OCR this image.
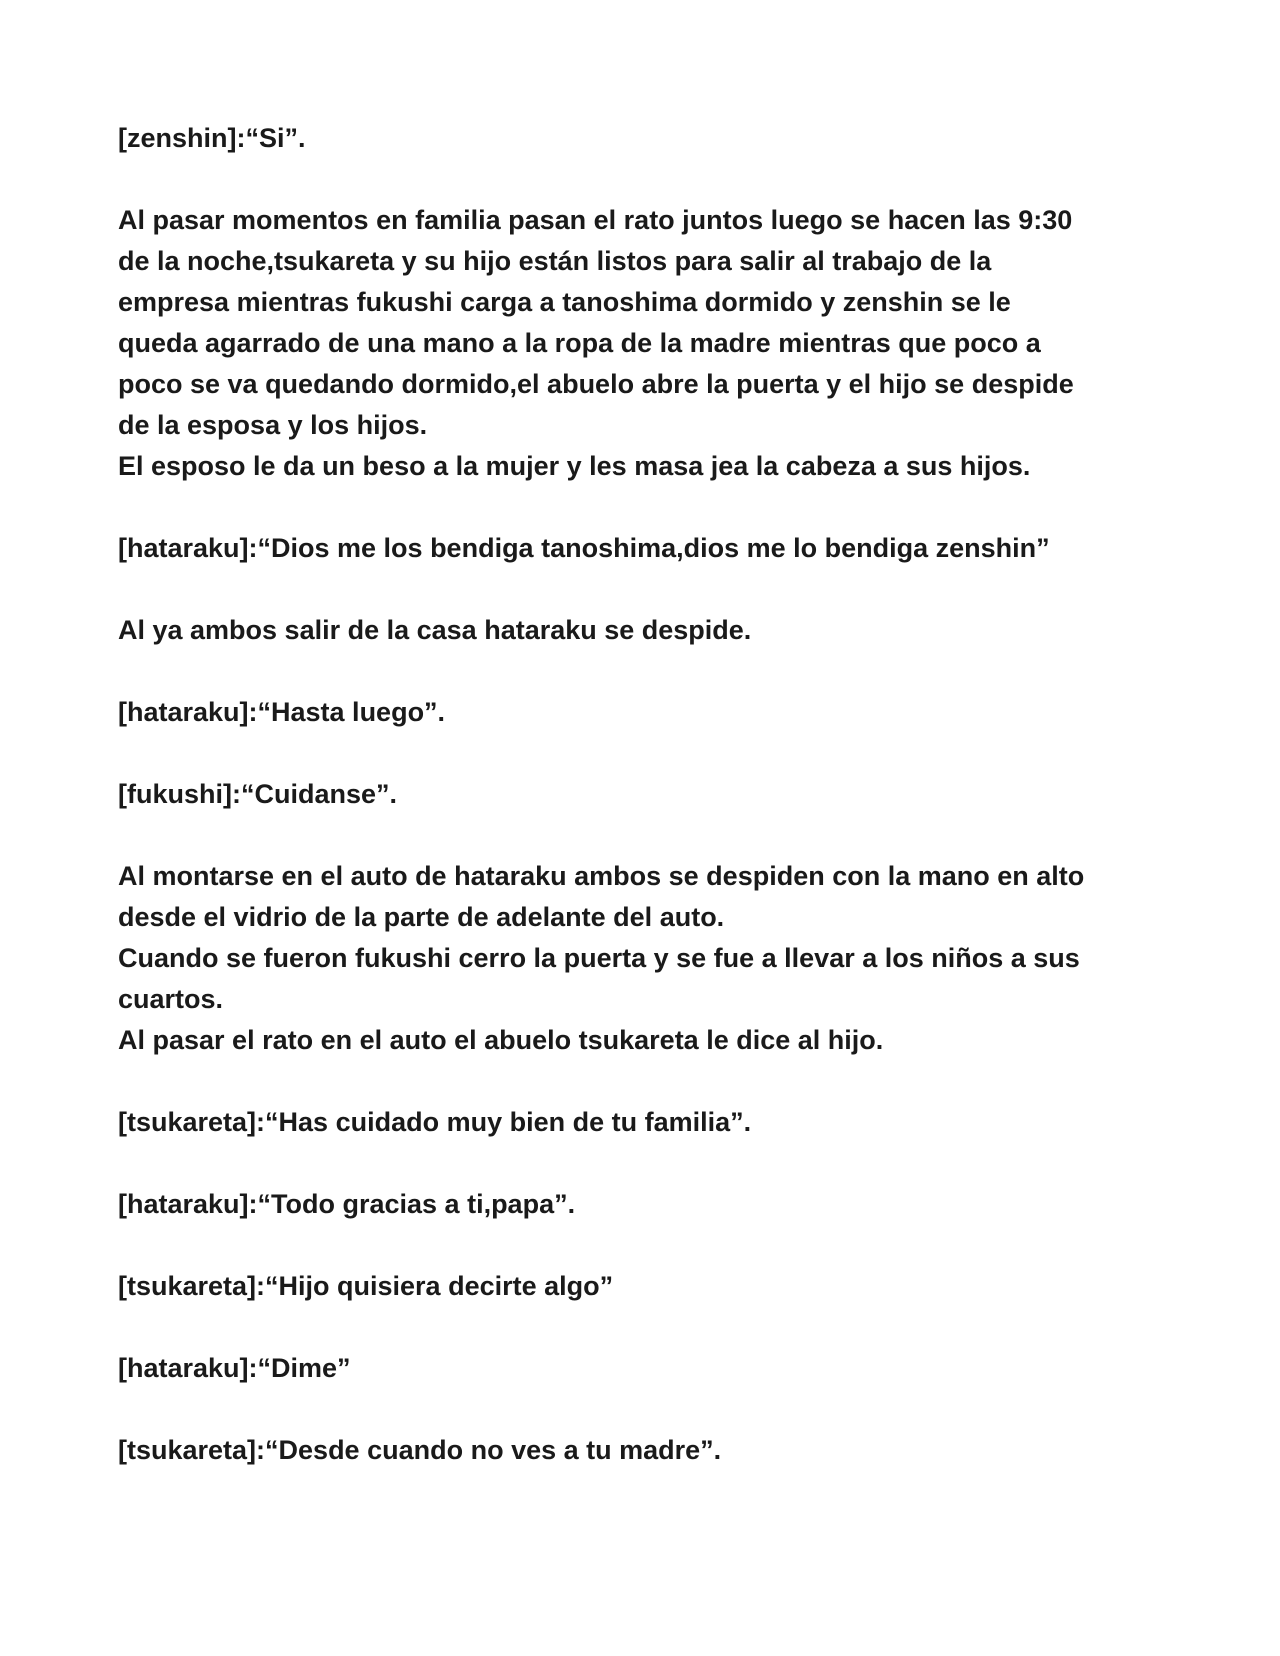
[zenshin]:“Si”.
Al pasar momentos en familia pasan el rato juntos luego se hacen las 9:30
de la noche,tsukareta y su hijo están listos para salir al trabajo de la
empresa mientras fukushi carga a tanoshima dormido y zenshin se le
queda agarrado de una mano a la ropa de la madre mientras que poco a
poco se va quedando dormido,el abuelo abre la puerta y el hijo se despide
de la esposa y los hijos.
El esposo le da un beso a la mujer y les masa jea la cabeza a sus hijos.
[hataraku]:“Dios me los bendiga tanoshima,dios me lo bendiga zenshin”
Al ya ambos salir de la casa hataraku se despide.
[hataraku]:“Hasta luego”.
[fukushi]:“Cuidanse”.
Al montarse en el auto de hataraku ambos se despiden con la mano en alto
desde el vidrio de la parte de adelante del auto.
Cuando se fueron fukushi cerro la puerta y se fue a llevar a los niños a sus
cuartos.
Al pasar el rato en el auto el abuelo tsukareta le dice al hijo.
[tsukareta]:“Has cuidado muy bien de tu familia”.
[hataraku]:“Todo gracias a ti,papa”.
[tsukareta]:“Hijo quisiera decirte algo”
[hataraku]:“Dime”
[tsukareta]:“Desde cuando no ves a tu madre”.
